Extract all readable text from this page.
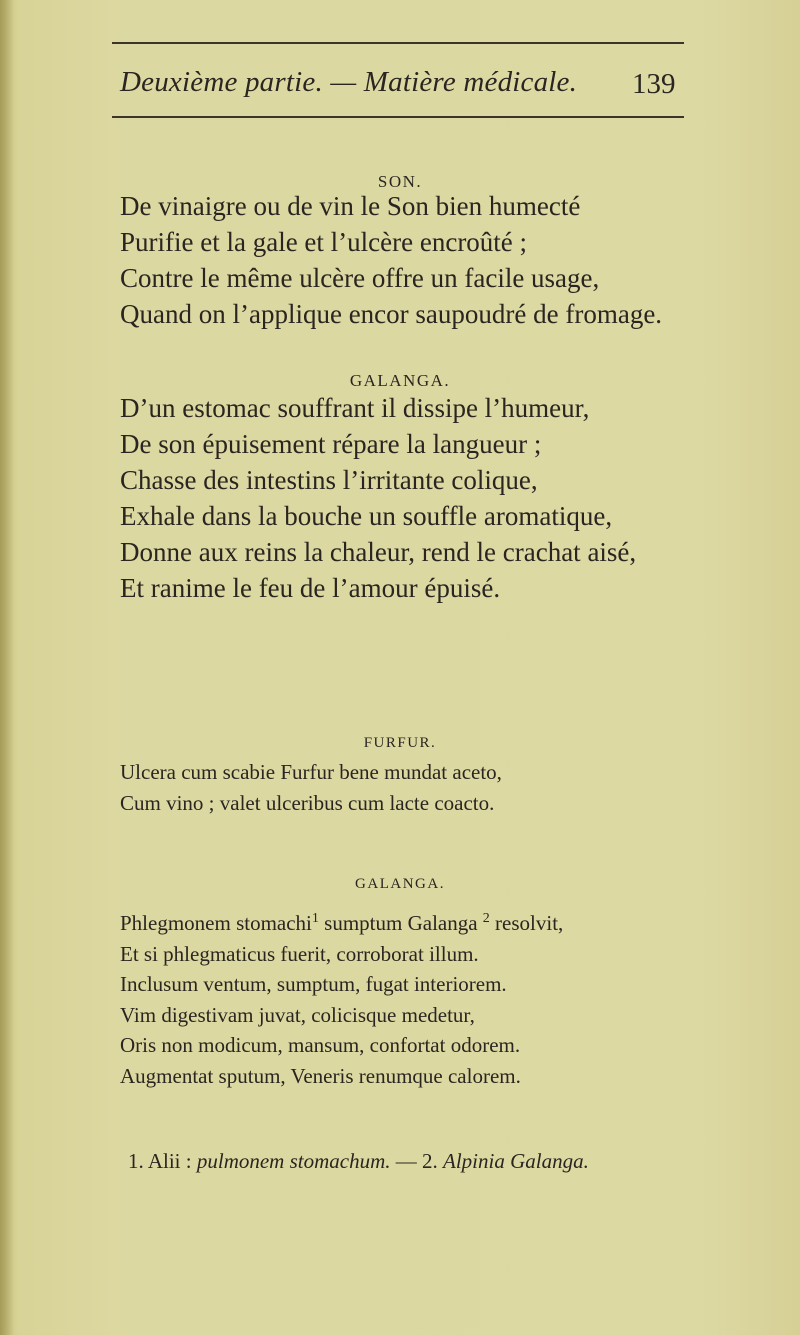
Deuxième partie. — Matière médicale. 139
SON.
De vinaigre ou de vin le Son bien humecté
Purifie et la gale et l’ulcère encroûté ;
Contre le même ulcère offre un facile usage,
Quand on l’applique encor saupoudré de fromage.
GALANGA.
D’un estomac souffrant il dissipe l’humeur,
De son épuisement répare la langueur ;
Chasse des intestins l’irritante colique,
Exhale dans la bouche un souffle aromatique,
Donne aux reins la chaleur, rend le crachat aisé,
Et ranime le feu de l’amour épuisé.
FURFUR.
Ulcera cum scabie Furfur bene mundat aceto,
Cum vino ; valet ulceribus cum lacte coacto.
GALANGA.
Phlegmonem stomachi$^1$ sumptum Galanga $^2$ resolvit,
Et si phlegmaticus fuerit, corroborat illum.
Inclusum ventum, sumptum, fugat interiorem.
Vim digestivam juvat, colicisque medetur,
Oris non modicum, mansum, confortat odorem.
Augmentat sputum, Veneris renumque calorem.
1. Alii : pulmonem stomachum. — 2. Alpinia Galanga.
